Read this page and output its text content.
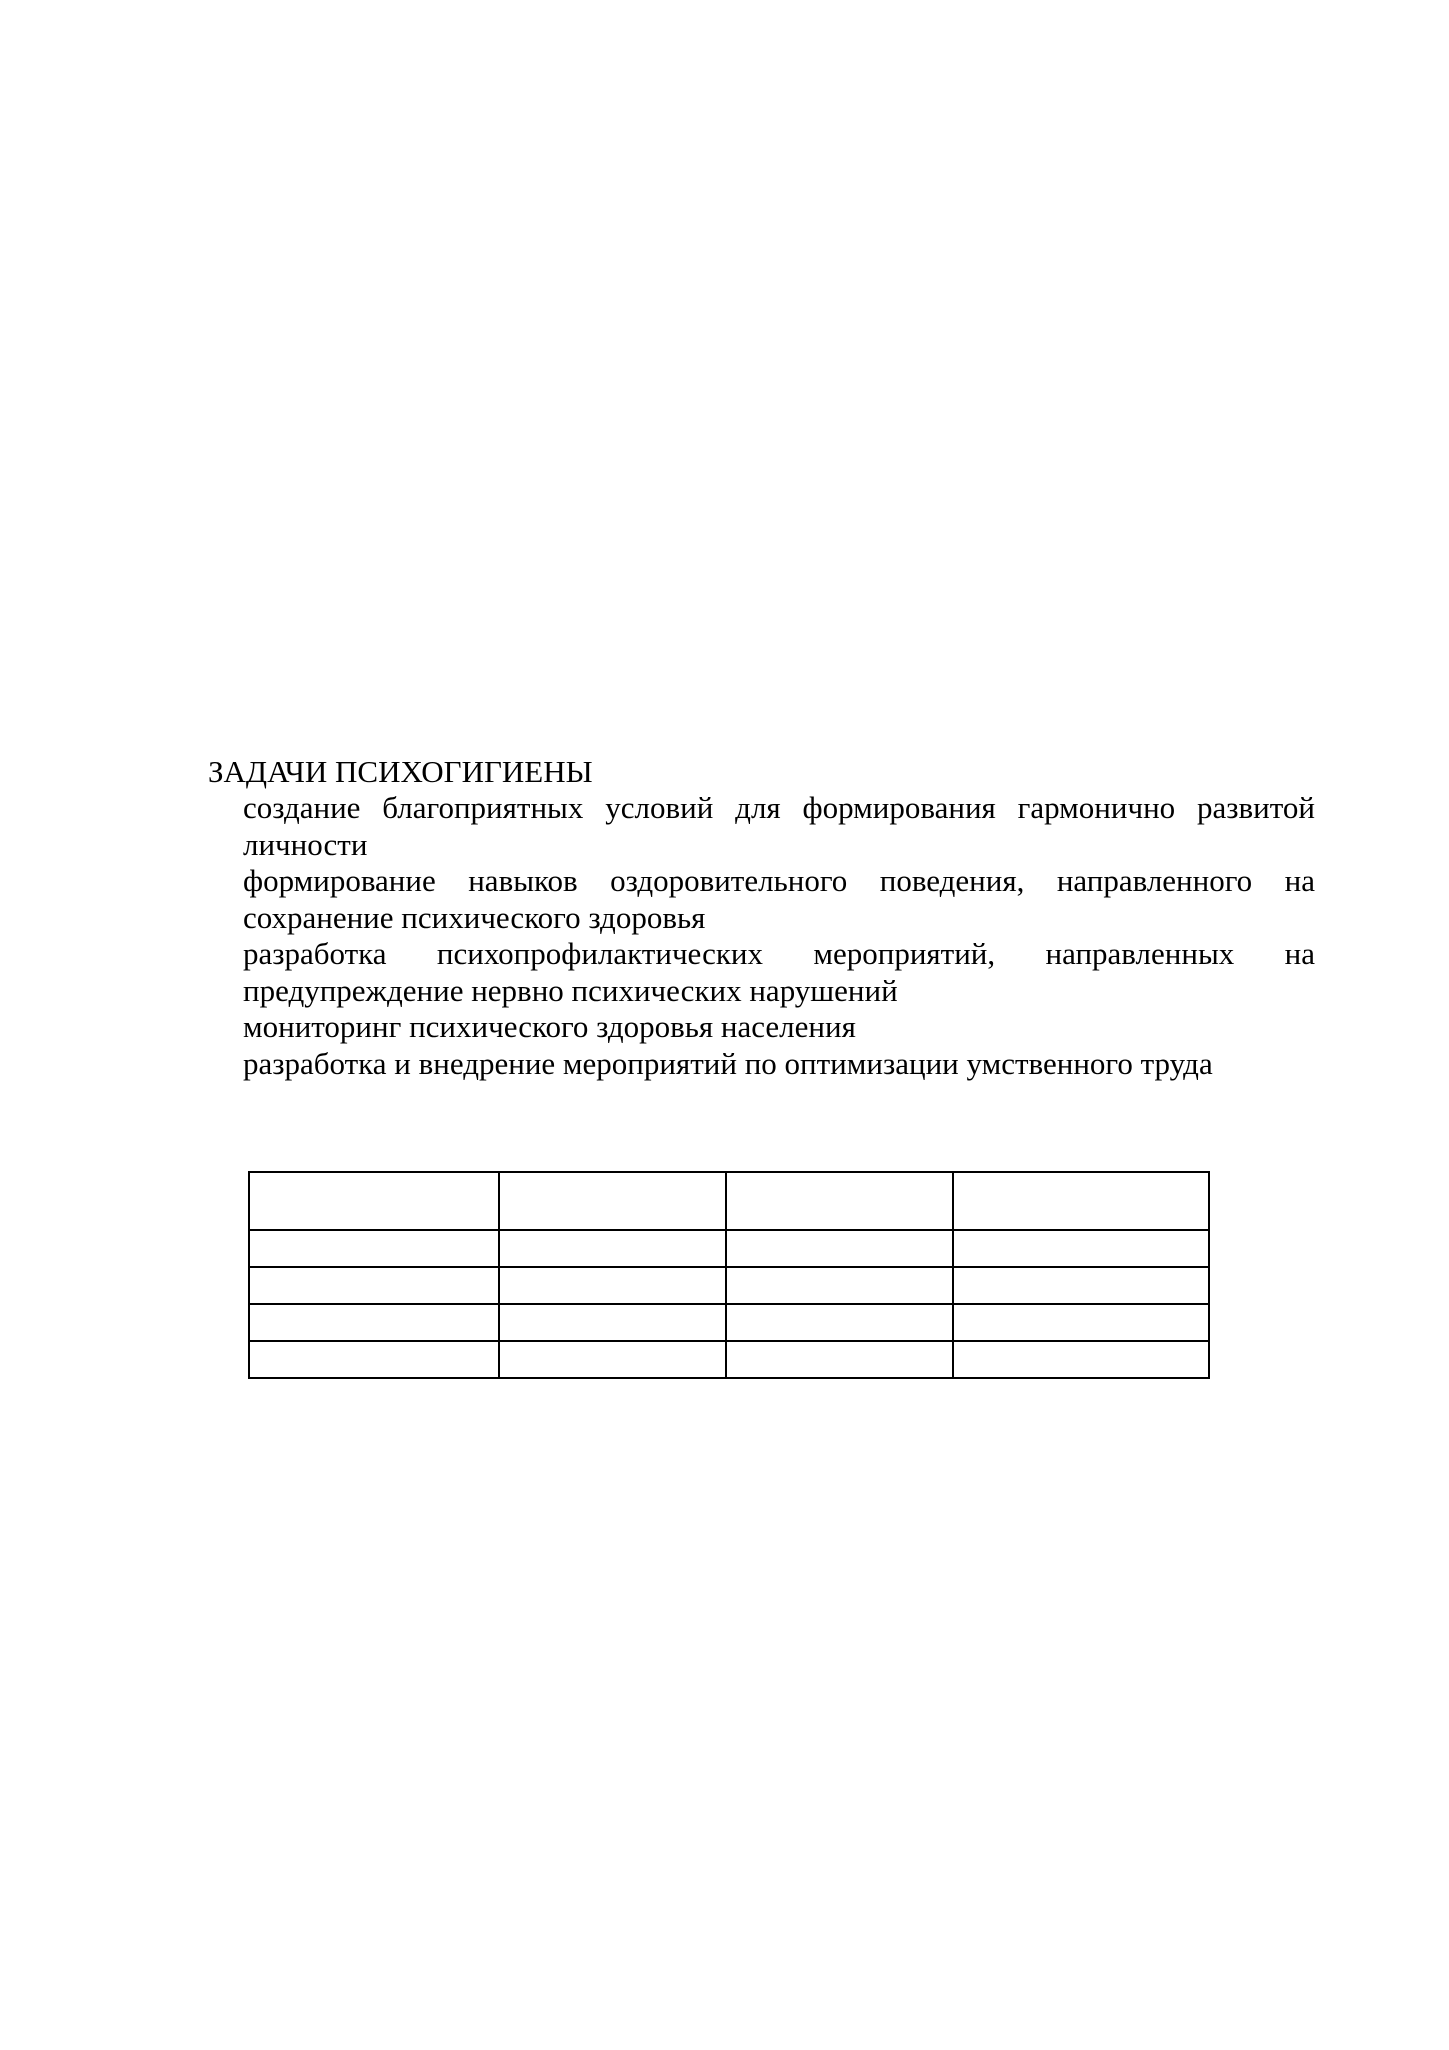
ЗАДАЧИ ПСИХОГИГИЕНЫ
создание благоприятных условий для формирования гармонично развитой личности
формирование навыков оздоровительного поведения, направленного на сохранение психического здоровья
разработка психопрофилактических мероприятий, направленных на предупреждение нервно психических нарушений
мониторинг психического здоровья населения
разработка и внедрение мероприятий по оптимизации умственного труда
